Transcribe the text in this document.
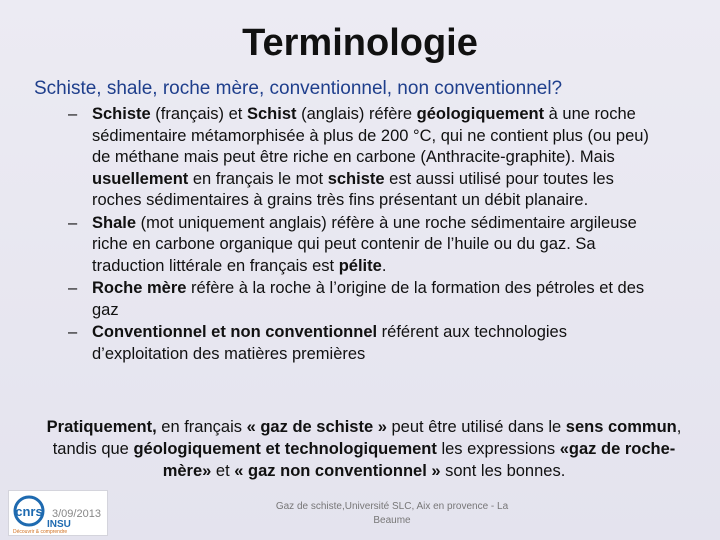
Terminologie
Schiste, shale, roche mère, conventionnel, non conventionnel?
– Schiste (français) et Schist (anglais) réfère géologiquement à une roche sédimentaire métamorphisée à plus de 200 °C, qui ne contient plus (ou peu) de méthane mais peut être riche en carbone (Anthracite-graphite). Mais usuellement en français le mot schiste est aussi utilisé pour toutes les roches sédimentaires à grains très fins présentant un débit planaire.
– Shale (mot uniquement anglais) réfère à une roche sédimentaire argileuse riche en carbone organique qui peut contenir de l’huile ou du gaz. Sa traduction littérale en français est pélite.
– Roche mère réfère à la roche à l’origine de la formation des pétroles et des gaz
– Conventionnel et non conventionnel référent aux technologies d’exploitation des matières premières
Pratiquement, en français « gaz de schiste » peut être utilisé dans le sens commun, tandis que géologiquement et technologiquement les expressions «gaz de roche-mère» et « gaz non conventionnel » sont les bonnes.
cnrs
INSU
Découvrir & comprendre
3/09/2013
Gaz de schiste,Université SLC, Aix en provence - La Beaume
